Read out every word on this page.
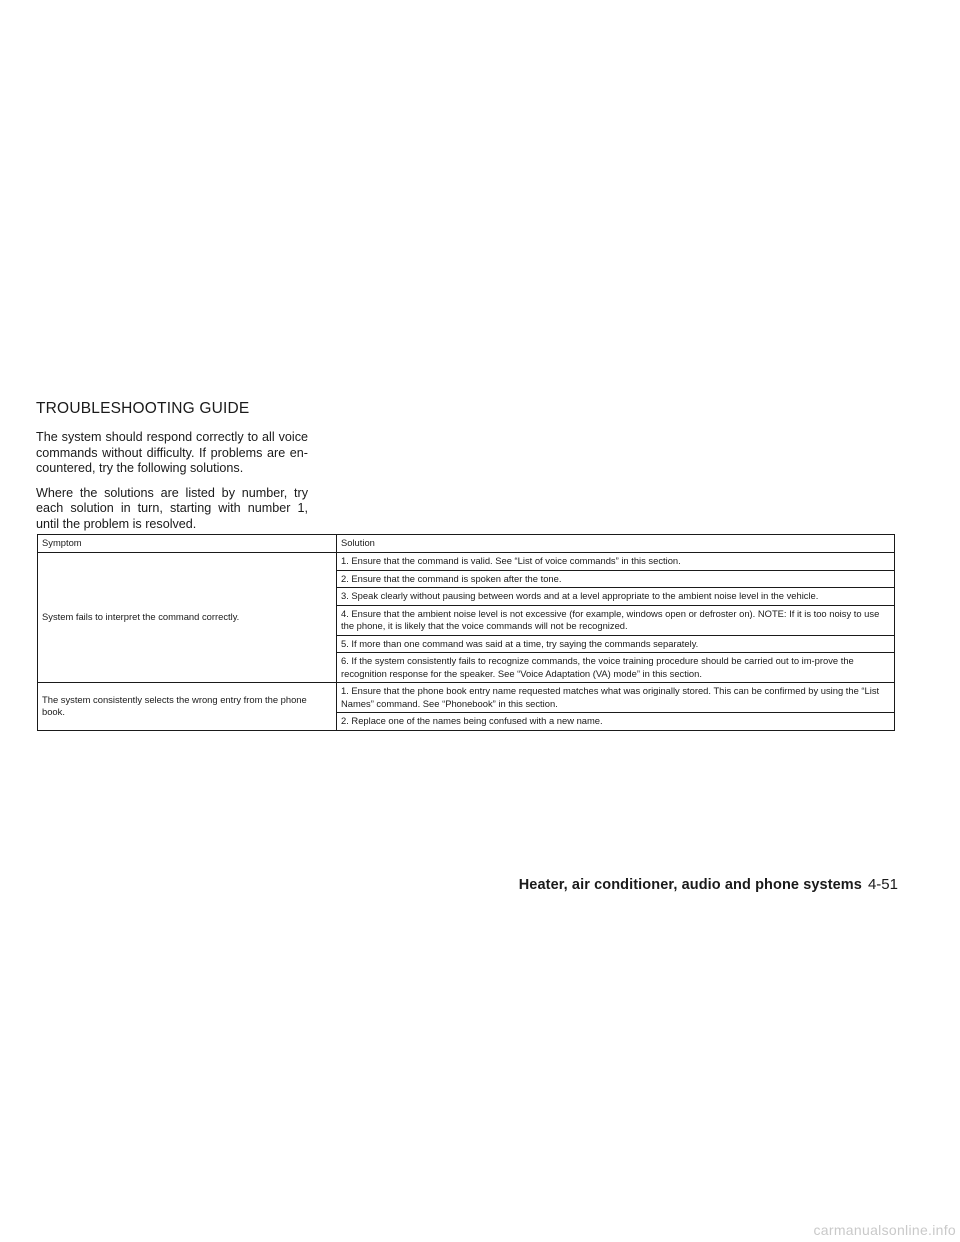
TROUBLESHOOTING GUIDE

The system should respond correctly to all voice commands without difficulty. If problems are en-countered, try the following solutions.

Where the solutions are listed by number, try each solution in turn, starting with number 1, until the problem is resolved.

Symptom	Solution
System fails to interpret the command correctly.	1. Ensure that the command is valid. See “List of voice commands” in this section.
	2. Ensure that the command is spoken after the tone.
	3. Speak clearly without pausing between words and at a level appropriate to the ambient noise level in the vehicle.
	4. Ensure that the ambient noise level is not excessive (for example, windows open or defroster on). NOTE: If it is too noisy to use the phone, it is likely that the voice commands will not be recognized.
	5. If more than one command was said at a time, try saying the commands separately.
	6. If the system consistently fails to recognize commands, the voice training procedure should be carried out to im-prove the recognition response for the speaker. See “Voice Adaptation (VA) mode” in this section.
The system consistently selects the wrong entry from the phone book.	1. Ensure that the phone book entry name requested matches what was originally stored. This can be confirmed by using the “List Names” command. See “Phonebook” in this section.
	2. Replace one of the names being confused with a new name.
Heater, air conditioner, audio and phone systems 4-51
carmanualsonline.info
